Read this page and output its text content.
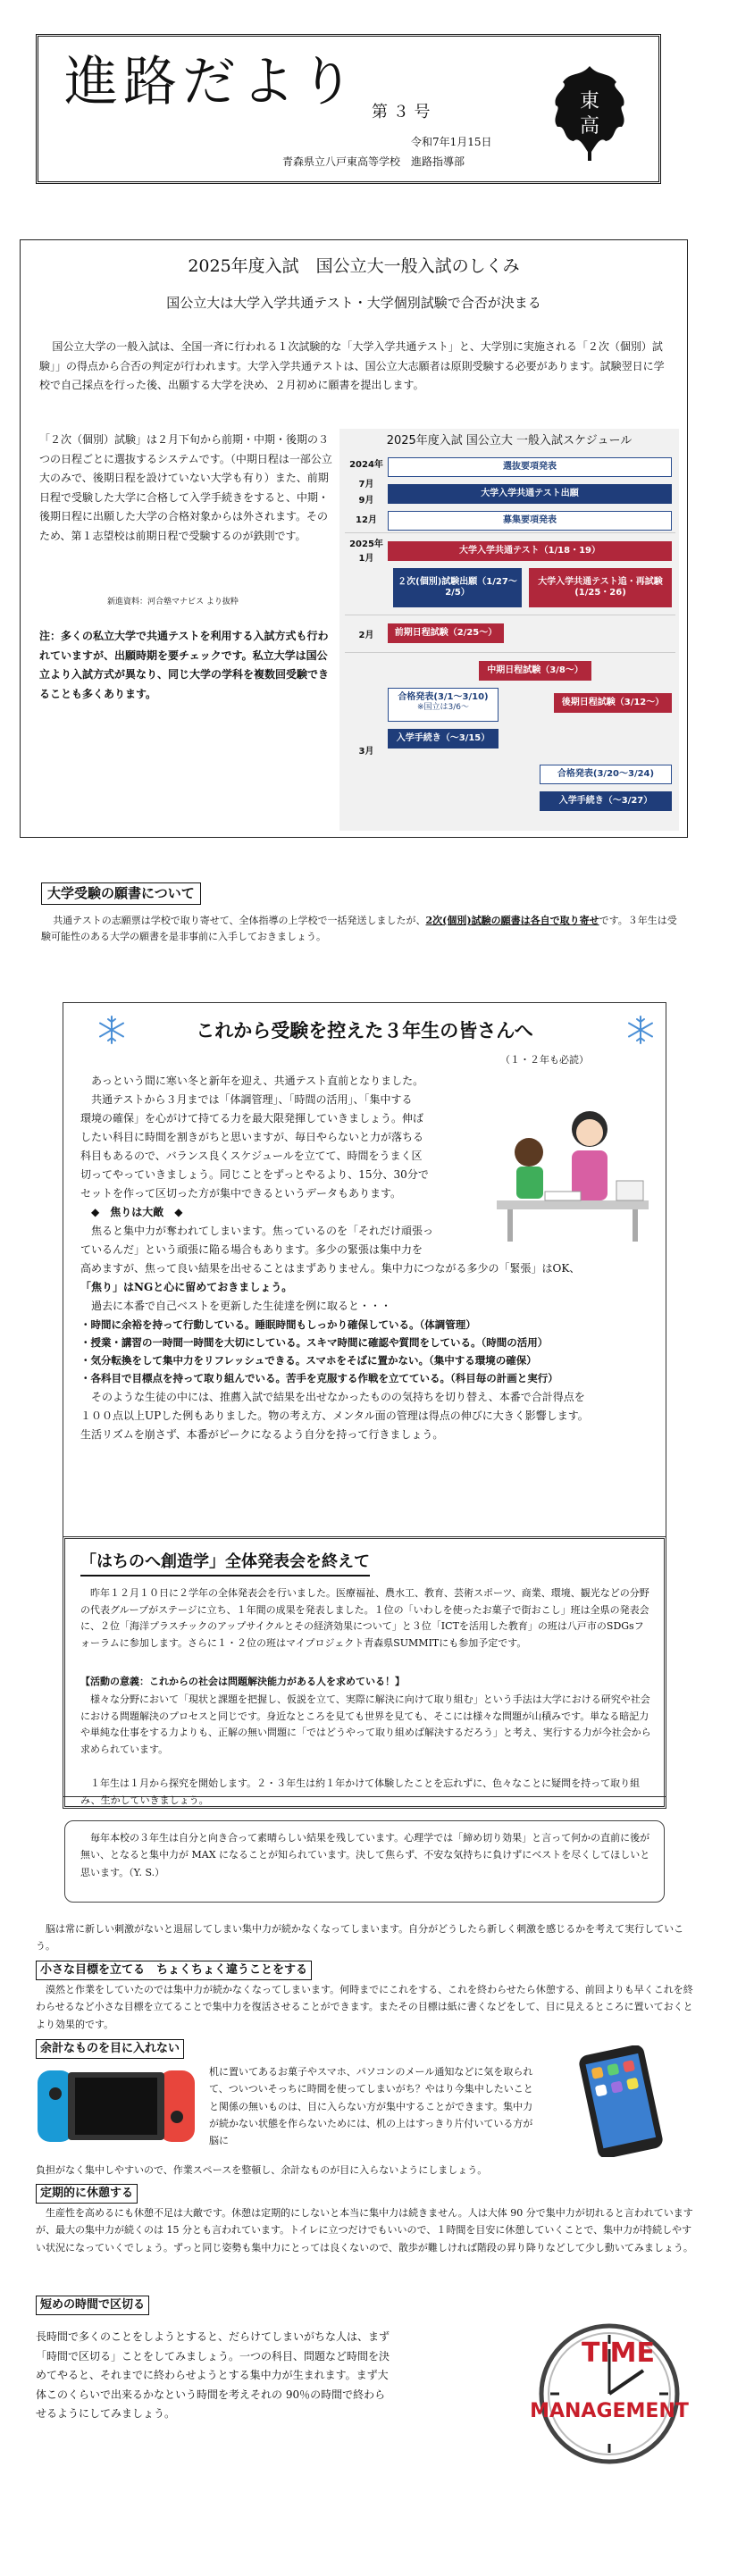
進路だより 第 ３ 号
令和7年1月15日
青森県立八戸東高等学校　進路指導部
東
高
2025年度入試　国公立大一般入試のしくみ
国公立大は大学入学共通テスト・大学個別試験で合否が決まる
国公立大学の一般入試は、全国一斉に行われる１次試験的な「大学入学共通テスト」と、大学別に実施される「２次（個別）試験」」の得点から合否の判定が行われます。大学入学共通テストは、国公立大志願者は原則受験する必要があります。試験翌日に学校で自己採点を行った後、出願する大学を決め、２月初めに願書を提出します。
「２次（個別）試験」は２月下旬から前期・中期・後期の３つの日程ごとに選抜するシステムです。（中期日程は一部公立大のみで、後期日程を設けていない大学も有り）また、前期日程で受験した大学に合格して入学手続きをすると、中期・後期日程に出願した大学の合格対象からは外されます。そのため、第１志望校は前期日程で受験するのが鉄則です。
新進資料：河合塾マナビス より抜粋
注：多くの私立大学で共通テストを利用する入試方式も行われていますが、出願時期を要チェックです。私立大学は国公立より入試方式が異なり、同じ大学の学科を複数回受験できることも多くあります。
2025年度入試 国公立大 一般入試スケジュール
2024年
7月
9月
12月
2025年
1月
2月
3月
選抜要項発表
大学入学共通テスト出願
募集要項発表
大学入学共通テスト（1/18・19）
２次(個別)試験出願（1/27〜2/5）
大学入学共通テスト追・再試験(1/25・26)
前期日程試験（2/25〜）
中期日程試験（3/8〜）
合格発表(3/1〜3/10)
※国立は3/6〜
後期日程試験（3/12〜）
入学手続き（〜3/15）
合格発表(3/20〜3/24)
入学手続き（〜3/27）
大学受験の願書について
共通テストの志願票は学校で取り寄せて、全体指導の上学校で一括発送しましたが、2次(個別)試験の願書は各自で取り寄せです。３年生は受験可能性のある大学の願書を是非事前に入手しておきましょう。
これから受験を控えた３年生の皆さんへ
（１・２年も必読）
あっという間に寒い冬と新年を迎え、共通テスト直前となりました。
共通テストから３月までは「体調管理」、「時間の活用」、「集中する
環境の確保」を心がけて持てる力を最大限発揮していきましょう。伸ば
したい科目に時間を割きがちと思いますが、毎日やらないと力が落ちる
科目もあるので、バランス良くスケジュールを立てて、時間をうまく区
切ってやっていきましょう。同じことをずっとやるより、15分、30分で
セットを作って区切った方が集中できるというデータもあります。
◆　焦りは大敵　◆
焦ると集中力が奪われてしまいます。焦っているのを「それだけ頑張っ
ているんだ」という頑張に陥る場合もあります。多少の緊張は集中力を
高めますが、焦って良い結果を出せることはまずありません。集中力につながる多少の「緊張」はOK、
「焦り」はNGと心に留めておきましょう。
過去に本番で自己ベストを更新した生徒達を例に取ると・・・
・時間に余裕を持って行動している。睡眠時間もしっかり確保している。（体調管理）
・授業・講習の一時間一時間を大切にしている。スキマ時間に確認や質問をしている。（時間の活用）
・気分転換をして集中力をリフレッシュできる。スマホをそばに置かない。（集中する環境の確保）
・各科目で目標点を持って取り組んでいる。苦手を克服する作戦を立てている。（科目毎の計画と実行）
そのような生徒の中には、推薦入試で結果を出せなかったものの気持ちを切り替え、本番で合計得点を
１００点以上UPした例もありました。物の考え方、メンタル面の管理は得点の伸びに大きく影響します。
生活リズムを崩さず、本番がピークになるよう自分を持って行きましょう。
「はちのへ創造学」全体発表会を終えて
昨年１２月１０日に２学年の全体発表会を行いました。医療福祉、農水工、教育、芸術スポーツ、商業、環境、観光などの分野の代表グループがステージに立ち、１年間の成果を発表しました。１位の「いわしを使ったお菓子で街おこし」班は全県の発表会に、２位「海洋プラスチックのアップサイクルとその経済効果について」と３位「ICTを活用した教育」の班は八戸市のSDGsフォーラムに参加します。さらに１・２位の班はマイプロジェクト青森県SUMMITにも参加予定です。
【活動の意義：これからの社会は問題解決能力がある人を求めている！】
様々な分野において「現状と課題を把握し、仮説を立て、実際に解決に向けて取り組む」という手法は大学における研究や社会における問題解決のプロセスと同じです。身近なところを見ても世界を見ても、そこには様々な問題が山積みです。単なる暗記力や単純な仕事をする力よりも、正解の無い問題に「ではどうやって取り組めば解決するだろう」と考え、実行する力が今社会から求められています。
１年生は１月から探究を開始します。２・３年生は約１年かけて体験したことを忘れずに、色々なことに疑問を持って取り組み、生かしていきましょう。
毎年本校の３年生は自分と向き合って素晴らしい結果を残しています。心理学では「締め切り効果」と言って何かの直前に後が無い、となると集中力が MAX になることが知られています。決して焦らず、不安な気持ちに負けずにベストを尽くしてほしいと思います。（Y. S.）
脳は常に新しい刺激がないと退屈してしまい集中力が続かなくなってしまいます。自分がどうしたら新しく刺激を感じるかを考えて実行していこう。
小さな目標を立てる　ちょくちょく違うことをする
漠然と作業をしていたのでは集中力が続かなくなってしまいます。何時までにこれをする、これを終わらせたら休憩する、前回よりも早くこれを終わらせるなど小さな目標を立てることで集中力を復活させることができます。またその目標は紙に書くなどをして、目に見えるところに置いておくとより効果的です。
余計なものを目に入れない
机に置いてあるお菓子やスマホ、パソコンのメール通知などに気を取られて、ついついそっちに時間を使ってしまいがち？やはり今集中したいことと関係の無いものは、目に入らない方が集中することができます。集中力が続かない状態を作らないためには、机の上はすっきり片付いている方が脳に
負担がなく集中しやすいので、作業スペースを整頓し、余計なものが目に入らないようにしましょう。
定期的に休憩する
生産性を高めるにも休憩不足は大敵です。休憩は定期的にしないと本当に集中力は続きません。人は大体 90 分で集中力が切れると言われていますが、最大の集中力が続くのは 15 分とも言われています。トイレに立つだけでもいいので、１時間を目安に休憩していくことで、集中力が持続しやすい状況になっていくでしょう。ずっと同じ姿勢も集中力にとっては良くないので、散歩が難しければ階段の昇り降りなどして少し動いてみましょう。
短めの時間で区切る
長時間で多くのことをしようとすると、だらけてしまいがちな人は、まず「時間で区切る」ことをしてみましょう。一つの科目、問題など時間を決めてやると、それまでに終わらせようとする集中力が生まれます。まず大体このくらいで出来るかなという時間を考えそれの 90％の時間で終わらせるようにしてみましょう。
TIME
MANAGEMENT
